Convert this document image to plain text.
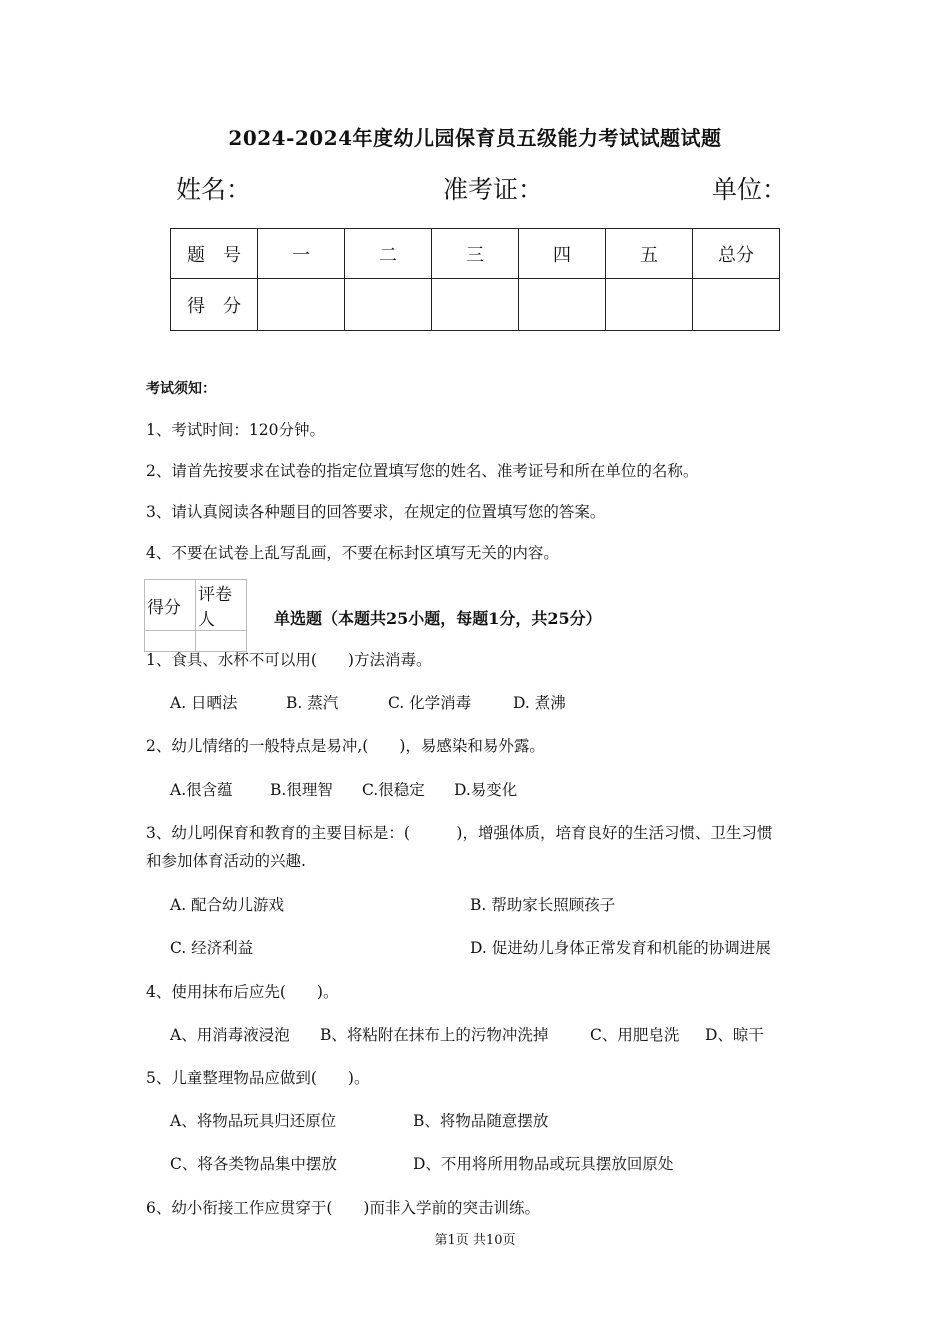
2024-2024年度幼儿园保育员五级能力考试试题试题
姓名：	准考证：	单位：
题　号	一	二	三	四	五	总分
得　分						
考试须知：
1、考试时间：120分钟。
2、请首先按要求在试卷的指定位置填写您的姓名、准考证号和所在单位的名称。
3、请认真阅读各种题目的回答要求，在规定的位置填写您的答案。
4、不要在试卷上乱写乱画，不要在标封区填写无关的内容。
得分	评卷人
		单选题（本题共25小题，每题1分，共25分）
1、食具、水杯不可以用(　　)方法消毒。
A. 日晒法	B. 蒸汽	C. 化学消毒	D. 煮沸
2、幼儿情绪的一般特点是易冲,(　　)，易感染和易外露。
A.很含蕴 B.很理智 C.很稳定 D.易变化
3、幼儿吲保育和教育的主要目标是：(　　　)，增强体质，培育良好的生活习惯、卫生习惯
和参加体育活动的兴趣.
A. 配合幼儿游戏	B. 帮助家长照顾孩子
C. 经济利益	D. 促进幼儿身体正常发育和机能的协调进展
4、使用抹布后应先(　　)。
A、用消毒液浸泡 B、将粘附在抹布上的污物冲洗掉	C、用肥皂洗 D、晾干
5、儿童整理物品应做到(　　)。
A、将物品玩具归还原位	B、将物品随意摆放
C、将各类物品集中摆放	D、不用将所用物品或玩具摆放回原处
6、幼小衔接工作应贯穿于(　　)而非入学前的突击训练。
第1页 共10页
